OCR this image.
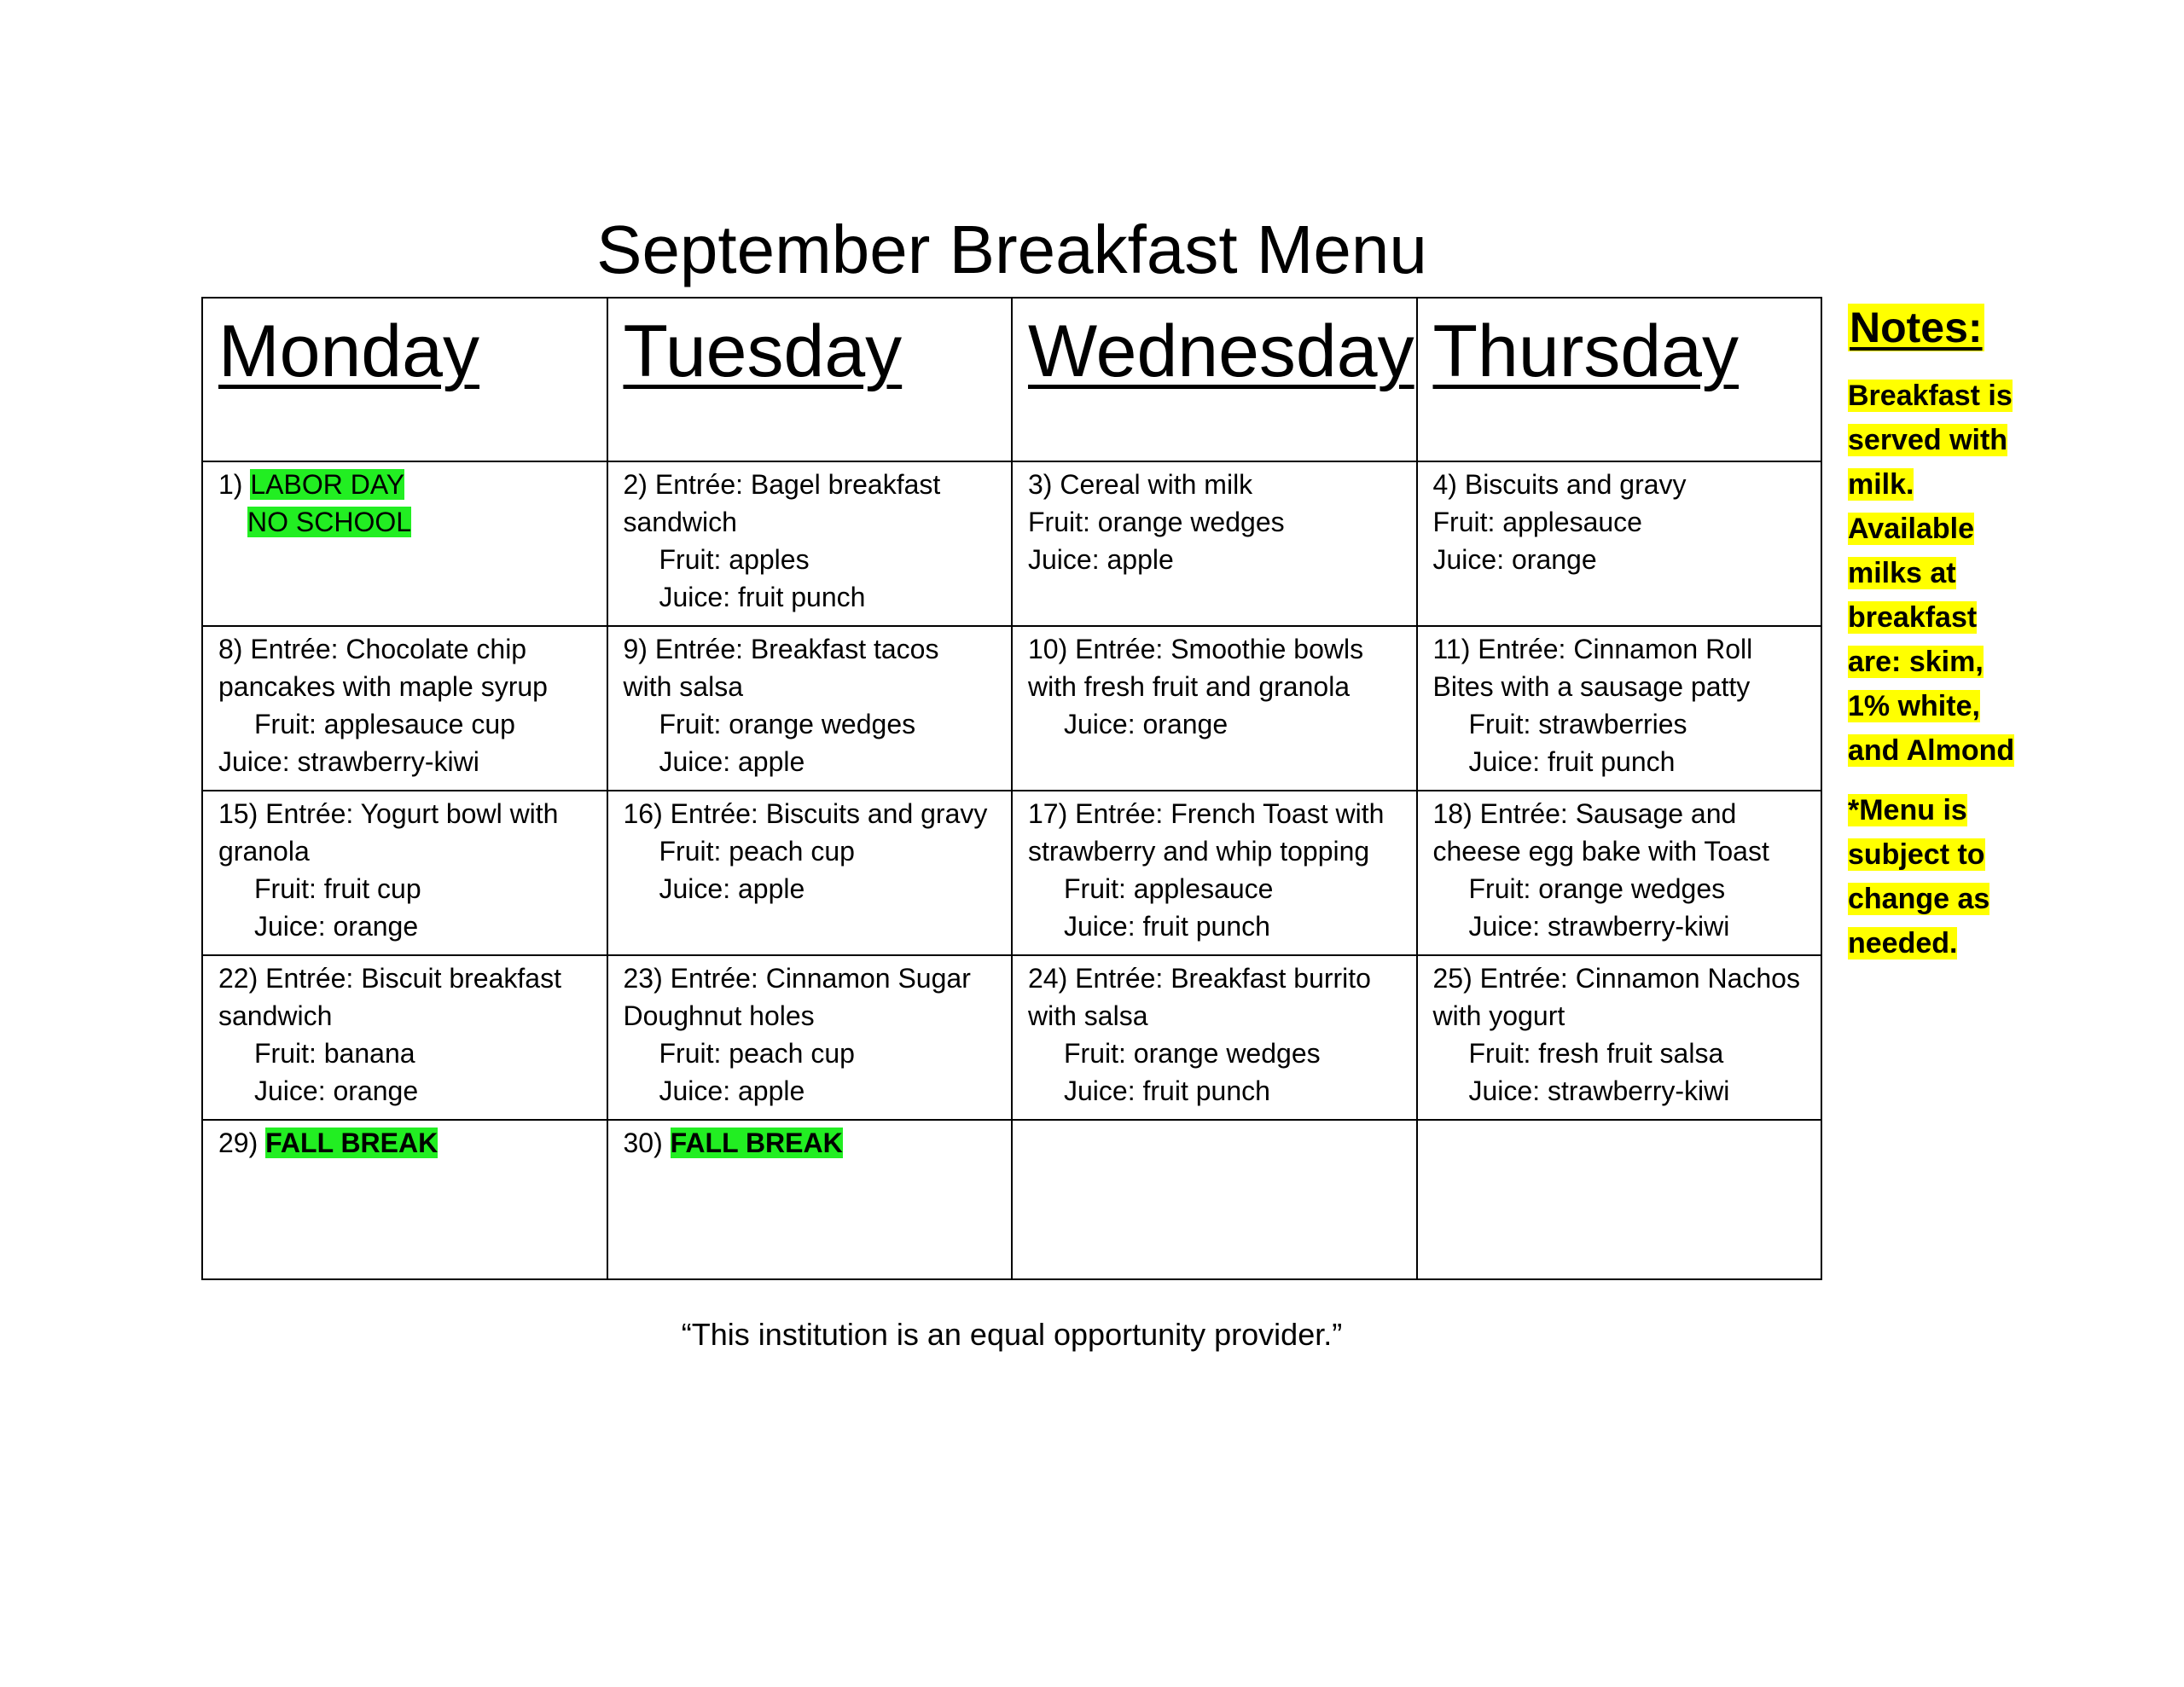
September Breakfast Menu
Monday	Tuesday	Wednesday	Thursday

1) LABOR DAY
NO SCHOOL	2) Entrée: Bagel breakfast
sandwich
Fruit: apples
Juice: fruit punch	3) Cereal with milk
Fruit: orange wedges
Juice: apple	4) Biscuits and gravy
Fruit: applesauce
Juice: orange

8) Entrée: Chocolate chip
pancakes with maple syrup
Fruit: applesauce cup
Juice: strawberry-kiwi	9) Entrée: Breakfast tacos
with salsa
Fruit: orange wedges
Juice: apple	10) Entrée: Smoothie bowls
with fresh fruit and granola
Juice: orange	11) Entrée: Cinnamon Roll
Bites with a sausage patty
Fruit: strawberries
Juice: fruit punch

15) Entrée: Yogurt bowl with
granola
Fruit: fruit cup
Juice: orange	16) Entrée: Biscuits and gravy
Fruit: peach cup
Juice: apple	17) Entrée: French Toast with
strawberry and whip topping
Fruit: applesauce
Juice: fruit punch	18) Entrée: Sausage and
cheese egg bake with Toast
Fruit: orange wedges
Juice: strawberry-kiwi

22) Entrée: Biscuit breakfast
sandwich
Fruit: banana
Juice: orange	23) Entrée: Cinnamon Sugar
Doughnut holes
Fruit: peach cup
Juice: apple	24) Entrée: Breakfast burrito
with salsa
Fruit: orange wedges
Juice: fruit punch	25) Entrée: Cinnamon Nachos
with yogurt
Fruit: fresh fruit salsa
Juice: strawberry-kiwi

29) FALL BREAK	30) FALL BREAK		

Notes:
Breakfast is served with milk. Available milks at breakfast are: skim, 1% white, and Almond
*Menu is subject to change as needed.
“This institution is an equal opportunity provider.”
